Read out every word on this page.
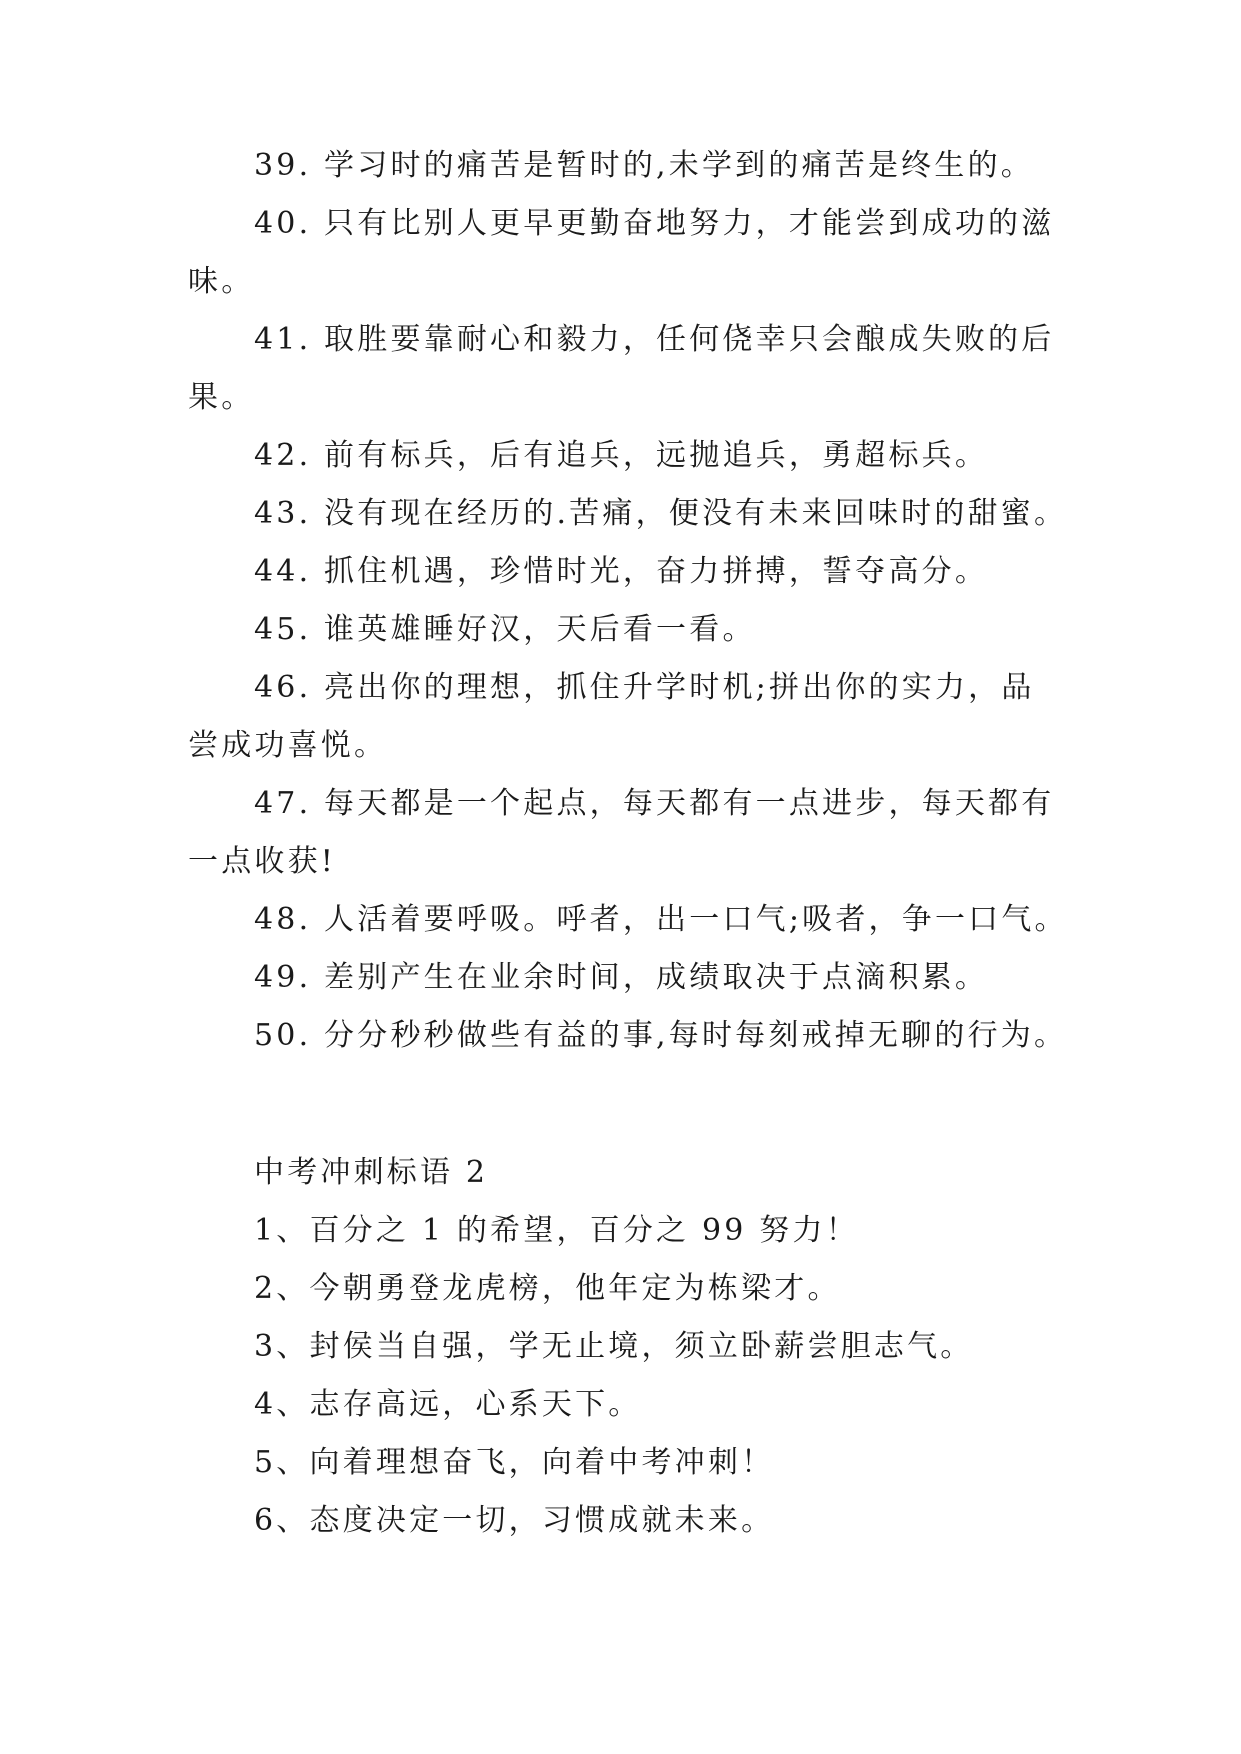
39. 学习时的痛苦是暂时的,未学到的痛苦是终生的。

40. 只有比别人更早更勤奋地努力，才能尝到成功的滋味。

41. 取胜要靠耐心和毅力，任何侥幸只会酿成失败的后果。

42. 前有标兵，后有追兵，远抛追兵，勇超标兵。

43. 没有现在经历的.苦痛，便没有未来回味时的甜蜜。

44. 抓住机遇，珍惜时光，奋力拼搏，誓夺高分。

45. 谁英雄睡好汉，天后看一看。

46. 亮出你的理想，抓住升学时机;拼出你的实力，品尝成功喜悦。

47. 每天都是一个起点，每天都有一点进步，每天都有一点收获!

48. 人活着要呼吸。呼者，出一口气;吸者，争一口气。

49. 差别产生在业余时间，成绩取决于点滴积累。

50. 分分秒秒做些有益的事,每时每刻戒掉无聊的行为。

中考冲刺标语 2

1、百分之 1 的希望，百分之 99 努力！

2、今朝勇登龙虎榜，他年定为栋梁才。

3、封侯当自强，学无止境，须立卧薪尝胆志气。

4、志存高远，心系天下。

5、向着理想奋飞，向着中考冲刺！

6、态度决定一切，习惯成就未来。
